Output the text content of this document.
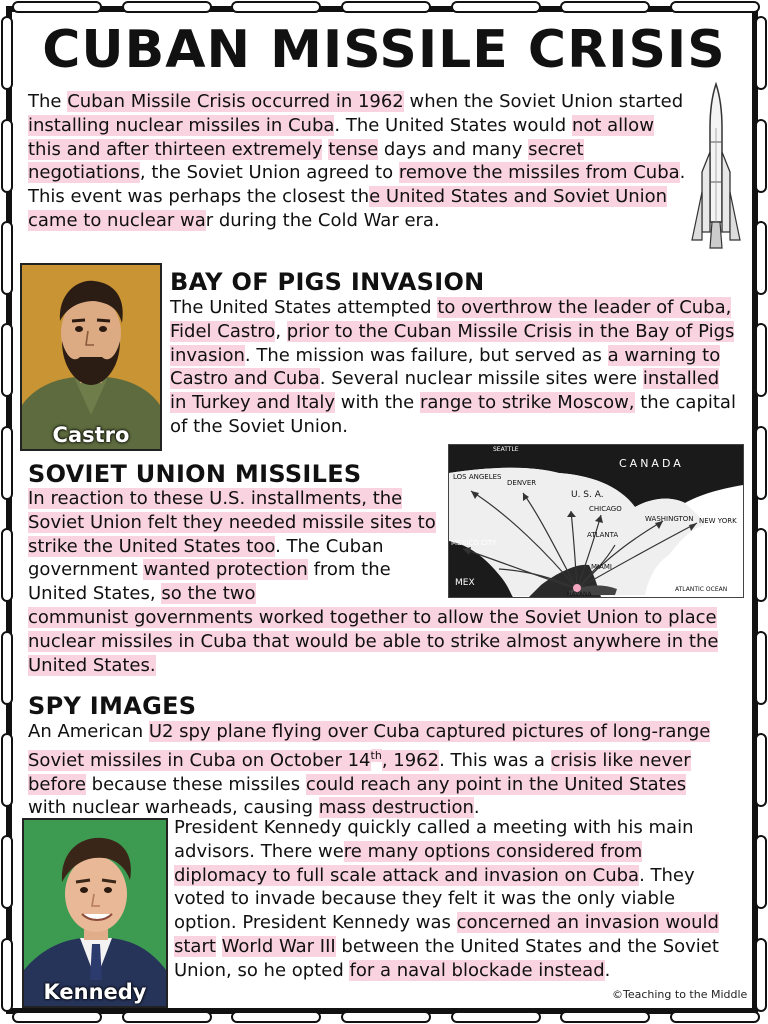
CUBAN MISSILE CRISIS
The Cuban Missile Crisis occurred in 1962 when the Soviet Union started installing nuclear missiles in Cuba. The United States would not allow this and after thirteen extremely tense days and many secret negotiations, the Soviet Union agreed to remove the missiles from Cuba. This event was perhaps the closest the United States and Soviet Union came to nuclear war during the Cold War era.
Castro
BAY OF PIGS INVASION
The United States attempted to overthrow the leader of Cuba, Fidel Castro, prior to the Cuban Missile Crisis in the Bay of Pigs invasion. The mission was failure, but served as a warning to Castro and Cuba. Several nuclear missile sites were installed in Turkey and Italy with the range to strike Moscow, the capital of the Soviet Union.
SOVIET UNION MISSILES
In reaction to these U.S. installments, the Soviet Union felt they needed missile sites to strike the United States too. The Cuban government wanted protection from the United States, so the two
LOS ANGELES
DENVER
U. S. A.
CHICAGO
WASHINGTON NEW YORK
ATLANTA
MIAMI
MEXICO CITY
HAVANA
ATLANTIC OCEAN
SEATTLE
MEX
CANADA
communist governments worked together to allow the Soviet Union to place nuclear missiles in Cuba that would be able to strike almost anywhere in the United States.
SPY IMAGES
An American U2 spy plane flying over Cuba captured pictures of long-range Soviet missiles in Cuba on October 14th, 1962. This was a crisis like never before because these missiles could reach any point in the United States with nuclear warheads, causing mass destruction.
Kennedy
President Kennedy quickly called a meeting with his main advisors. There were many options considered from diplomacy to full scale attack and invasion on Cuba. They voted to invade because they felt it was the only viable option. President Kennedy was concerned an invasion would start World War III between the United States and the Soviet Union, so he opted for a naval blockade instead.
©Teaching to the Middle
